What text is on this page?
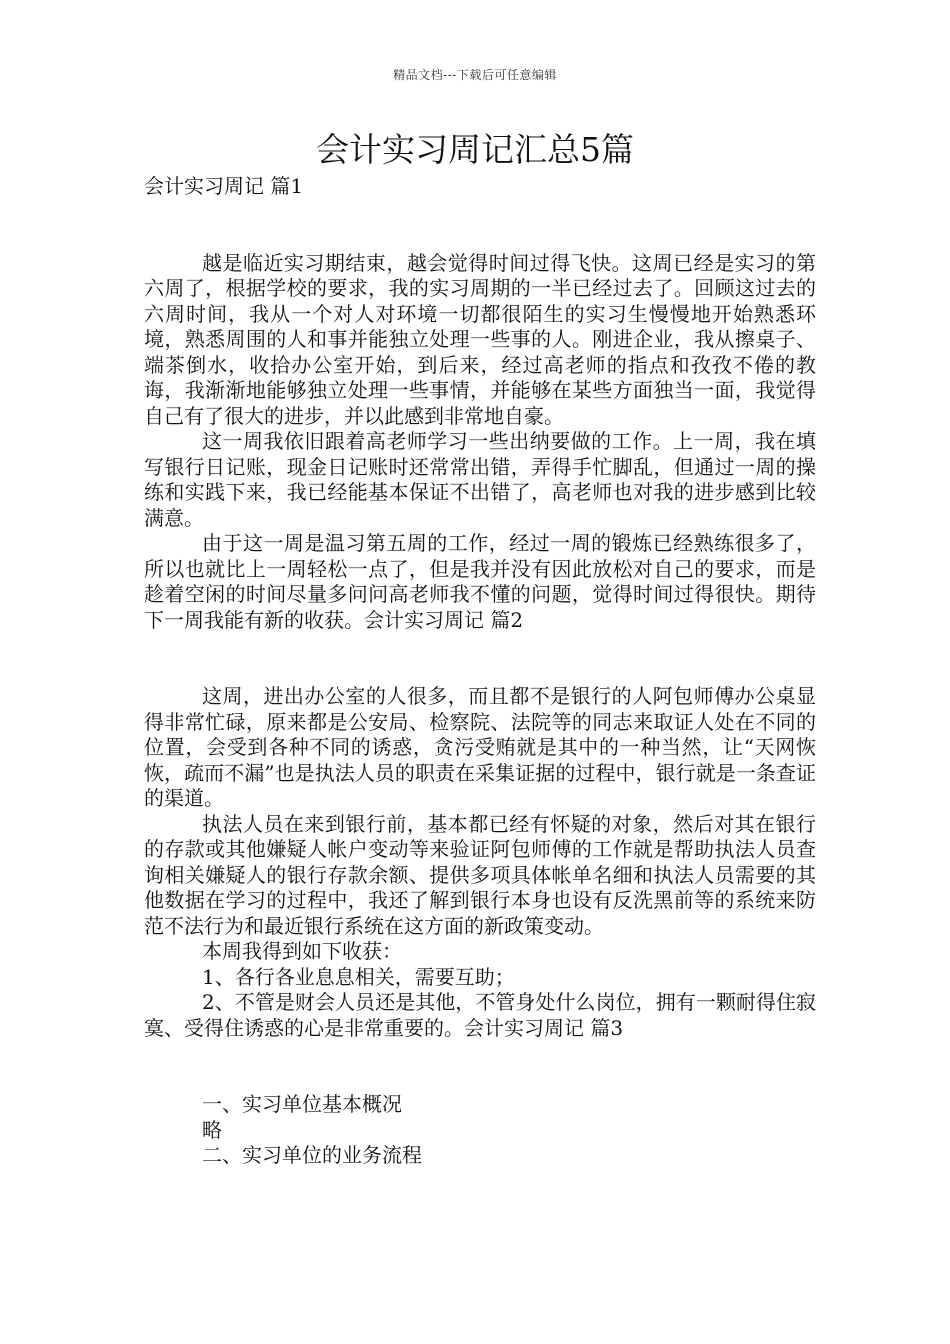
精品文档---下载后可任意编辑
会计实习周记汇总5篇

会计实习周记 篇1

越是临近实习期结束，越会觉得时间过得飞快。这周已经是实习的第六周了，根据学校的要求，我的实习周期的一半已经过去了。回顾这过去的六周时间，我从一个对人对环境一切都很陌生的实习生慢慢地开始熟悉环境，熟悉周围的人和事并能独立处理一些事的人。刚进企业，我从擦桌子、端茶倒水，收拾办公室开始，到后来，经过高老师的指点和孜孜不倦的教诲，我渐渐地能够独立处理一些事情，并能够在某些方面独当一面，我觉得自己有了很大的进步，并以此感到非常地自豪。

这一周我依旧跟着高老师学习一些出纳要做的工作。上一周，我在填写银行日记账，现金日记账时还常常出错，弄得手忙脚乱，但通过一周的操练和实践下来，我已经能基本保证不出错了，高老师也对我的进步感到比较满意。

由于这一周是温习第五周的工作，经过一周的锻炼已经熟练很多了，所以也就比上一周轻松一点了，但是我并没有因此放松对自己的要求，而是趁着空闲的时间尽量多问问高老师我不懂的问题，觉得时间过得很快。期待下一周我能有新的收获。会计实习周记 篇2

这周，进出办公室的人很多，而且都不是银行的人阿包师傅办公桌显得非常忙碌，原来都是公安局、检察院、法院等的同志来取证人处在不同的位置，会受到各种不同的诱惑，贪污受贿就是其中的一种当然，让“天网恢恢，疏而不漏”也是执法人员的职责在采集证据的过程中，银行就是一条查证的渠道。

执法人员在来到银行前，基本都已经有怀疑的对象，然后对其在银行的存款或其他嫌疑人帐户变动等来验证阿包师傅的工作就是帮助执法人员查询相关嫌疑人的银行存款余额、提供多项具体帐单名细和执法人员需要的其他数据在学习的过程中，我还了解到银行本身也设有反洗黑前等的系统来防范不法行为和最近银行系统在这方面的新政策变动。

本周我得到如下收获：

1、各行各业息息相关，需要互助；

2、不管是财会人员还是其他，不管身处什么岗位，拥有一颗耐得住寂寞、受得住诱惑的心是非常重要的。会计实习周记 篇3

一、实习单位基本概况

略

二、实习单位的业务流程
